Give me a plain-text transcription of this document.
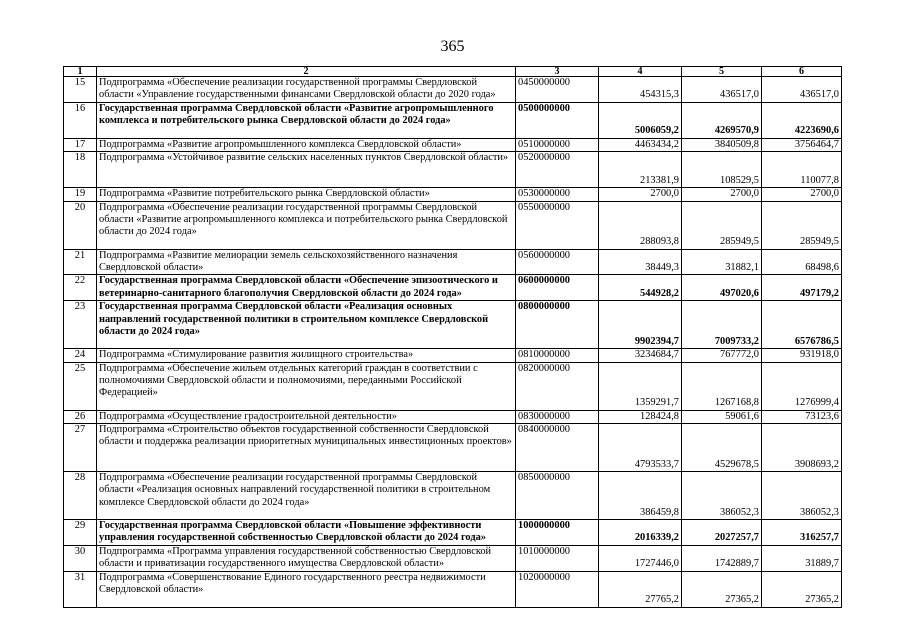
365
1	2	3	4	5	6
15	Подпрограмма «Обеспечение реализации государственной программы Свердловской области «Управление государственными финансами Свердловской области до 2020 года»	0450000000	454315,3	436517,0	436517,0
16	Государственная программа Свердловской области «Развитие агропромышленного комплекса и потребительского рынка Свердловской области до 2024 года»	0500000000	5006059,2	4269570,9	4223690,6
17	Подпрограмма «Развитие агропромышленного комплекса Свердловской области»	0510000000	4463434,2	3840509,8	3756464,7
18	Подпрограмма «Устойчивое развитие сельских населенных пунктов Свердловской области»	0520000000	213381,9	108529,5	110077,8
19	Подпрограмма «Развитие потребительского рынка Свердловской области»	0530000000	2700,0	2700,0	2700,0
20	Подпрограмма «Обеспечение реализации государственной программы Свердловской области «Развитие агропромышленного комплекса и потребительского рынка Свердловской области до 2024 года»	0550000000	288093,8	285949,5	285949,5
21	Подпрограмма «Развитие мелиорации земель сельскохозяйственного назначения Свердловской области»	0560000000	38449,3	31882,1	68498,6
22	Государственная программа Свердловской области «Обеспечение эпизоотического и ветеринарно-санитарного благополучия Свердловской области до 2024 года»	0600000000	544928,2	497020,6	497179,2
23	Государственная программа Свердловской области «Реализация основных направлений государственной политики в строительном комплексе Свердловской области до 2024 года»	0800000000	9902394,7	7009733,2	6576786,5
24	Подпрограмма «Стимулирование развития жилищного строительства»	0810000000	3234684,7	767772,0	931918,0
25	Подпрограмма «Обеспечение жильем отдельных категорий граждан в соответствии с полномочиями Свердловской области и полномочиями, переданными Российской Федерацией»	0820000000	1359291,7	1267168,8	1276999,4
26	Подпрограмма «Осуществление градостроительной деятельности»	0830000000	128424,8	59061,6	73123,6
27	Подпрограмма «Строительство объектов государственной собственности Свердловской области и поддержка реализации приоритетных муниципальных инвестиционных проектов»	0840000000	4793533,7	4529678,5	3908693,2
28	Подпрограмма «Обеспечение реализации государственной программы Свердловской области «Реализация основных направлений государственной политики в строительном комплексе Свердловской области до 2024 года»	0850000000	386459,8	386052,3	386052,3
29	Государственная программа Свердловской области «Повышение эффективности управления государственной собственностью Свердловской области до 2024 года»	1000000000	2016339,2	2027257,7	316257,7
30	Подпрограмма «Программа управления государственной собственностью Свердловской области и приватизации государственного имущества Свердловской области»	1010000000	1727446,0	1742889,7	31889,7
31	Подпрограмма «Совершенствование Единого государственного реестра недвижимости Свердловской области»	1020000000	27765,2	27365,2	27365,2
